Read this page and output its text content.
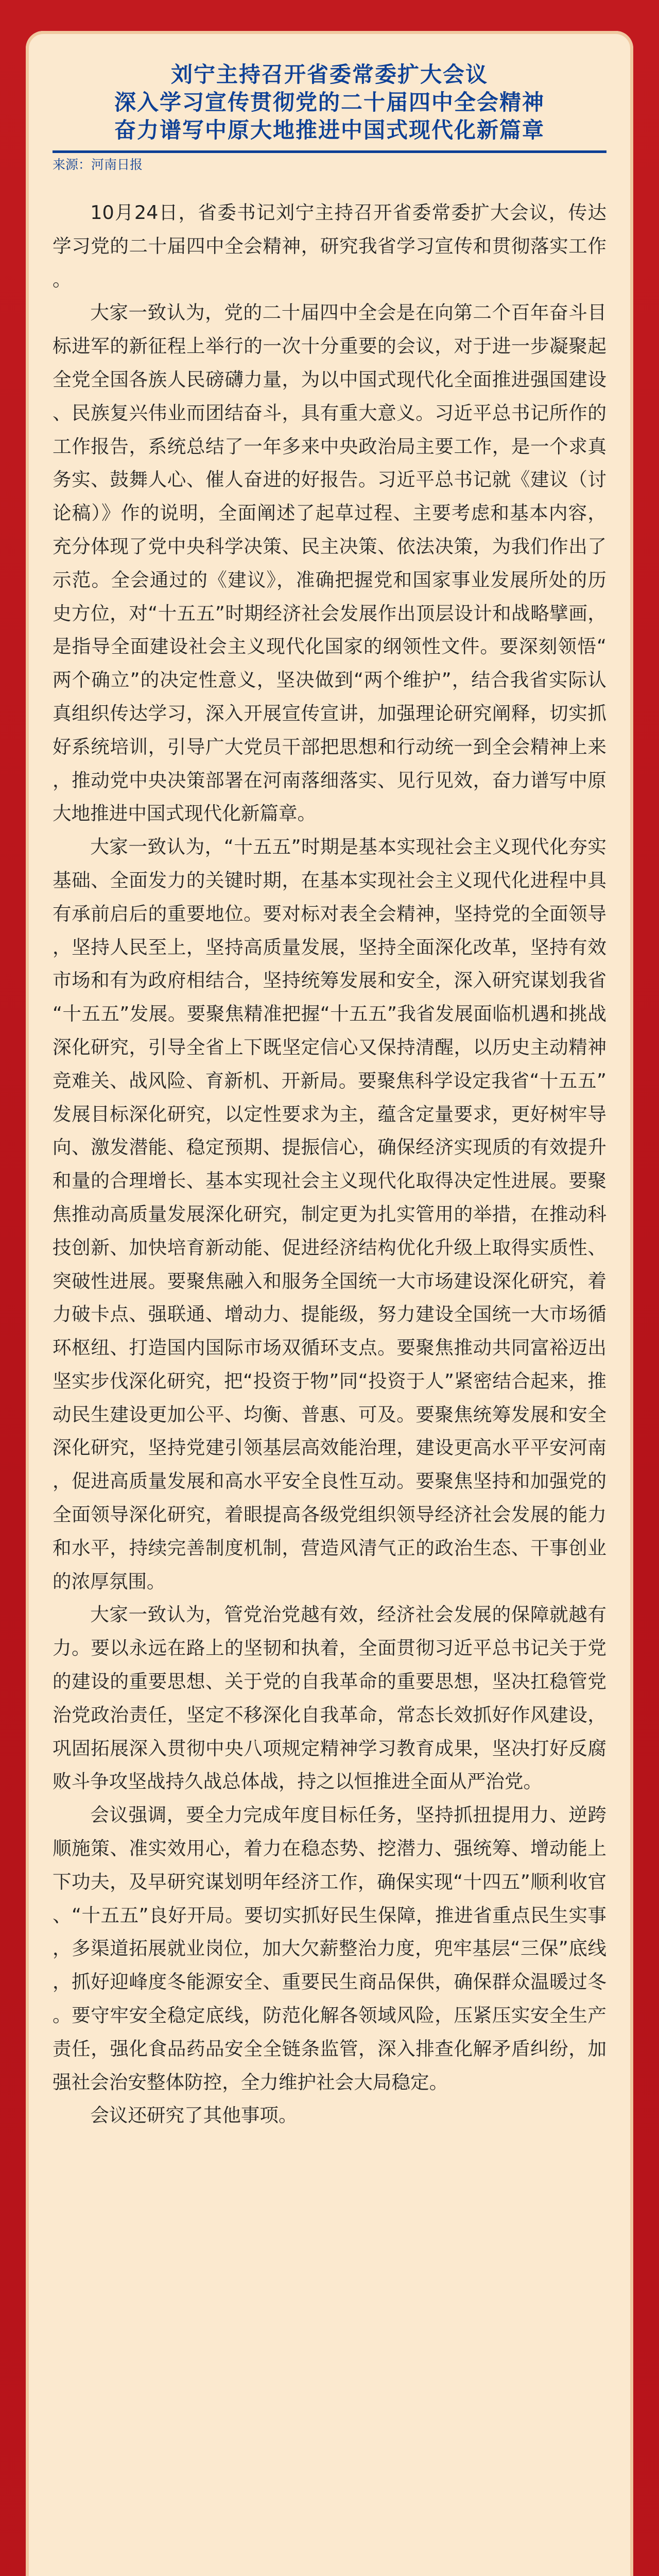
刘宁主持召开省委常委扩大会议
深入学习宣传贯彻党的二十届四中全会精神
奋力谱写中原大地推进中国式现代化新篇章
来源：河南日报

10月24日，省委书记刘宁主持召开省委常委扩大会议，传达学习党的二十届四中全会精神，研究我省学习宣传和贯彻落实工作。

大家一致认为，党的二十届四中全会是在向第二个百年奋斗目标进军的新征程上举行的一次十分重要的会议，对于进一步凝聚起全党全国各族人民磅礴力量，为以中国式现代化全面推进强国建设、民族复兴伟业而团结奋斗，具有重大意义。习近平总书记所作的工作报告，系统总结了一年多来中央政治局主要工作，是一个求真务实、鼓舞人心、催人奋进的好报告。习近平总书记就《建议（讨论稿）》作的说明，全面阐述了起草过程、主要考虑和基本内容，充分体现了党中央科学决策、民主决策、依法决策，为我们作出了示范。全会通过的《建议》，准确把握党和国家事业发展所处的历史方位，对“十五五”时期经济社会发展作出顶层设计和战略擘画，是指导全面建设社会主义现代化国家的纲领性文件。要深刻领悟“两个确立”的决定性意义，坚决做到“两个维护”，结合我省实际认真组织传达学习，深入开展宣传宣讲，加强理论研究阐释，切实抓好系统培训，引导广大党员干部把思想和行动统一到全会精神上来，推动党中央决策部署在河南落细落实、见行见效，奋力谱写中原大地推进中国式现代化新篇章。

大家一致认为，“十五五”时期是基本实现社会主义现代化夯实基础、全面发力的关键时期，在基本实现社会主义现代化进程中具有承前启后的重要地位。要对标对表全会精神，坚持党的全面领导，坚持人民至上，坚持高质量发展，坚持全面深化改革，坚持有效市场和有为政府相结合，坚持统筹发展和安全，深入研究谋划我省“十五五”发展。要聚焦精准把握“十五五”我省发展面临机遇和挑战深化研究，引导全省上下既坚定信心又保持清醒，以历史主动精神竞难关、战风险、育新机、开新局。要聚焦科学设定我省“十五五”发展目标深化研究，以定性要求为主，蕴含定量要求，更好树牢导向、激发潜能、稳定预期、提振信心，确保经济实现质的有效提升和量的合理增长、基本实现社会主义现代化取得决定性进展。要聚焦推动高质量发展深化研究，制定更为扎实管用的举措，在推动科技创新、加快培育新动能、促进经济结构优化升级上取得实质性、突破性进展。要聚焦融入和服务全国统一大市场建设深化研究，着力破卡点、强联通、增动力、提能级，努力建设全国统一大市场循环枢纽、打造国内国际市场双循环支点。要聚焦推动共同富裕迈出坚实步伐深化研究，把“投资于物”同“投资于人”紧密结合起来，推动民生建设更加公平、均衡、普惠、可及。要聚焦统筹发展和安全深化研究，坚持党建引领基层高效能治理，建设更高水平平安河南，促进高质量发展和高水平安全良性互动。要聚焦坚持和加强党的全面领导深化研究，着眼提高各级党组织领导经济社会发展的能力和水平，持续完善制度机制，营造风清气正的政治生态、干事创业的浓厚氛围。

大家一致认为，管党治党越有效，经济社会发展的保障就越有力。要以永远在路上的坚韧和执着，全面贯彻习近平总书记关于党的建设的重要思想、关于党的自我革命的重要思想，坚决扛稳管党治党政治责任，坚定不移深化自我革命，常态长效抓好作风建设，巩固拓展深入贯彻中央八项规定精神学习教育成果，坚决打好反腐败斗争攻坚战持久战总体战，持之以恒推进全面从严治党。

会议强调，要全力完成年度目标任务，坚持抓扭提用力、逆跨顺施策、准实效用心，着力在稳态势、挖潜力、强统筹、增动能上下功夫，及早研究谋划明年经济工作，确保实现“十四五”顺利收官、“十五五”良好开局。要切实抓好民生保障，推进省重点民生实事，多渠道拓展就业岗位，加大欠薪整治力度，兜牢基层“三保”底线，抓好迎峰度冬能源安全、重要民生商品保供，确保群众温暖过冬。要守牢安全稳定底线，防范化解各领域风险，压紧压实安全生产责任，强化食品药品安全全链条监管，深入排查化解矛盾纠纷，加强社会治安整体防控，全力维护社会大局稳定。

会议还研究了其他事项。
